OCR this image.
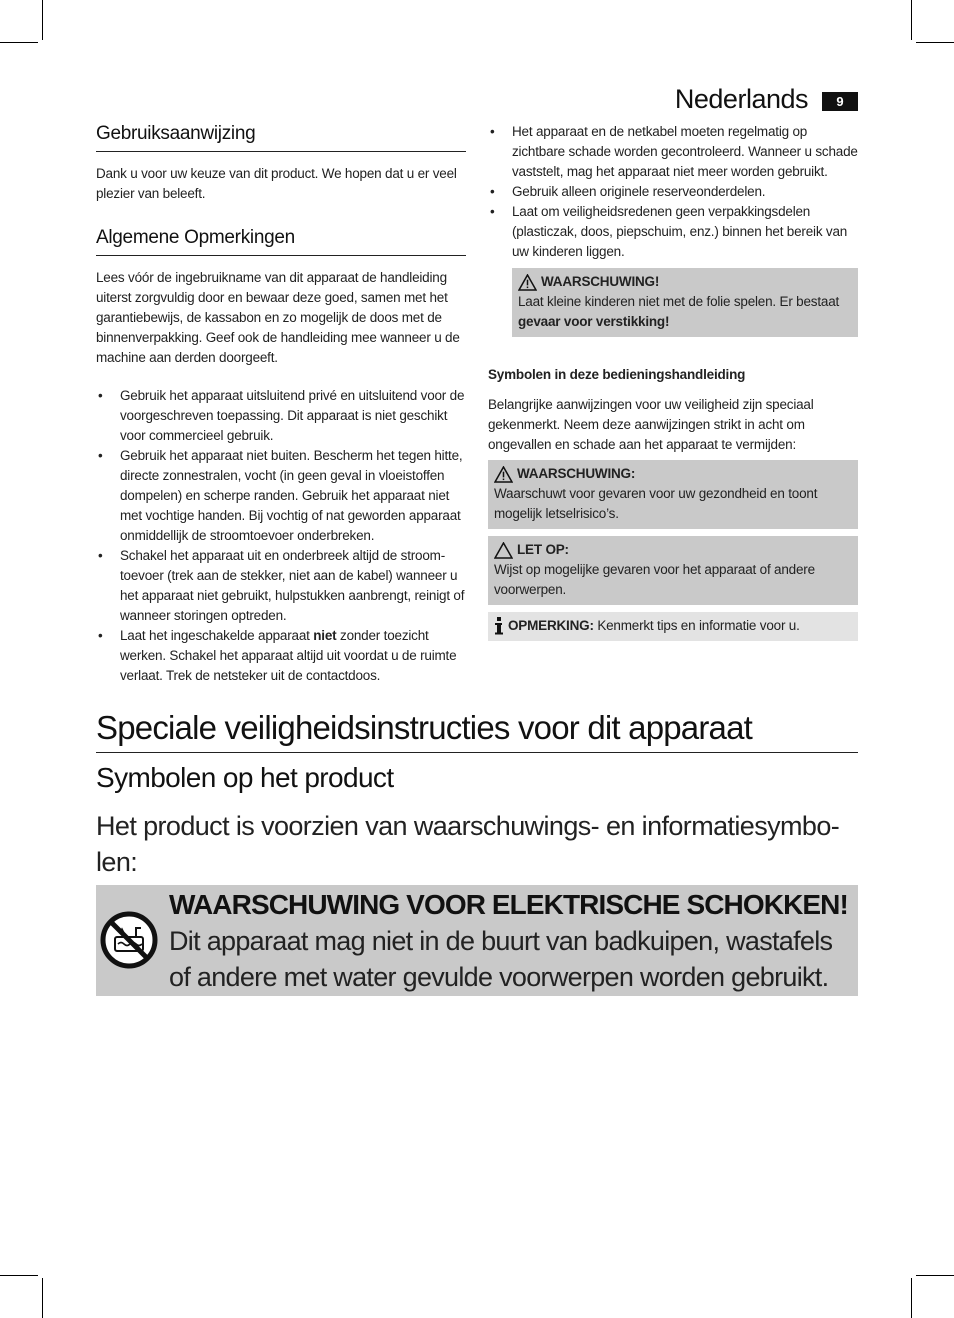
Nederlands	9
Gebruiksaanwijzing

Dank u voor uw keuze van dit product. We hopen dat u er veel plezier van beleeft.

Algemene Opmerkingen

Lees vóór de ingebruikname van dit apparaat de handleiding uiterst zorgvuldig door en bewaar deze goed, samen met het garantiebewijs, de kassabon en zo mogelijk de doos met de binnenverpakking. Geef ook de handleiding mee wanneer u de machine aan derden doorgeeft.

• Gebruik het apparaat uitsluitend privé en uitsluitend voor de voorgeschreven toepassing. Dit apparaat is niet geschikt voor commercieel gebruik.
• Gebruik het apparaat niet buiten. Bescherm het tegen hitte, directe zonnestralen, vocht (in geen geval in vloeistoffen dompelen) en scherpe randen. Gebruik het apparaat niet met vochtige handen. Bij vochtig of nat geworden apparaat onmiddellijk de stroomtoevoer onderbreken.
• Schakel het apparaat uit en onderbreek altijd de stroom-toevoer (trek aan de stekker, niet aan de kabel) wanneer u het apparaat niet gebruikt, hulpstukken aanbrengt, reinigt of wanneer storingen optreden.
• Laat het ingeschakelde apparaat niet zonder toezicht werken. Schakel het apparaat altijd uit voordat u de ruimte verlaat. Trek de netsteker uit de contactdoos.
• Het apparaat en de netkabel moeten regelmatig op zichtbare schade worden gecontroleerd. Wanneer u schade vaststelt, mag het apparaat niet meer worden gebruikt.
• Gebruik alleen originele reserveonderdelen.
• Laat om veiligheidsredenen geen verpakkingsdelen (plasticzak, doos, piepschuim, enz.) binnen het bereik van uw kinderen liggen.
WAARSCHUWING!
Laat kleine kinderen niet met de folie spelen. Er bestaat gevaar voor verstikking!
Symbolen in deze bedieningshandleiding

Belangrijke aanwijzingen voor uw veiligheid zijn speciaal gekenmerkt. Neem deze aanwijzingen strikt in acht om ongevallen en schade aan het apparaat te vermijden:

WAARSCHUWING:
Waarschuwt voor gevaren voor uw gezondheid en toont mogelijk letselrisico’s.
LET OP:
Wijst op mogelijke gevaren voor het apparaat of andere voorwerpen.
OPMERKING: Kenmerkt tips en informatie voor u.
Speciale veiligheidsinstructies voor dit apparaat
Symbolen op het product
Het product is voorzien van waarschuwings- en informatiesymbo-len:
WAARSCHUWING VOOR ELEKTRISCHE SCHOKKEN!
Dit apparaat mag niet in de buurt van badkuipen, wastafels of andere met water gevulde voorwerpen worden gebruikt.
